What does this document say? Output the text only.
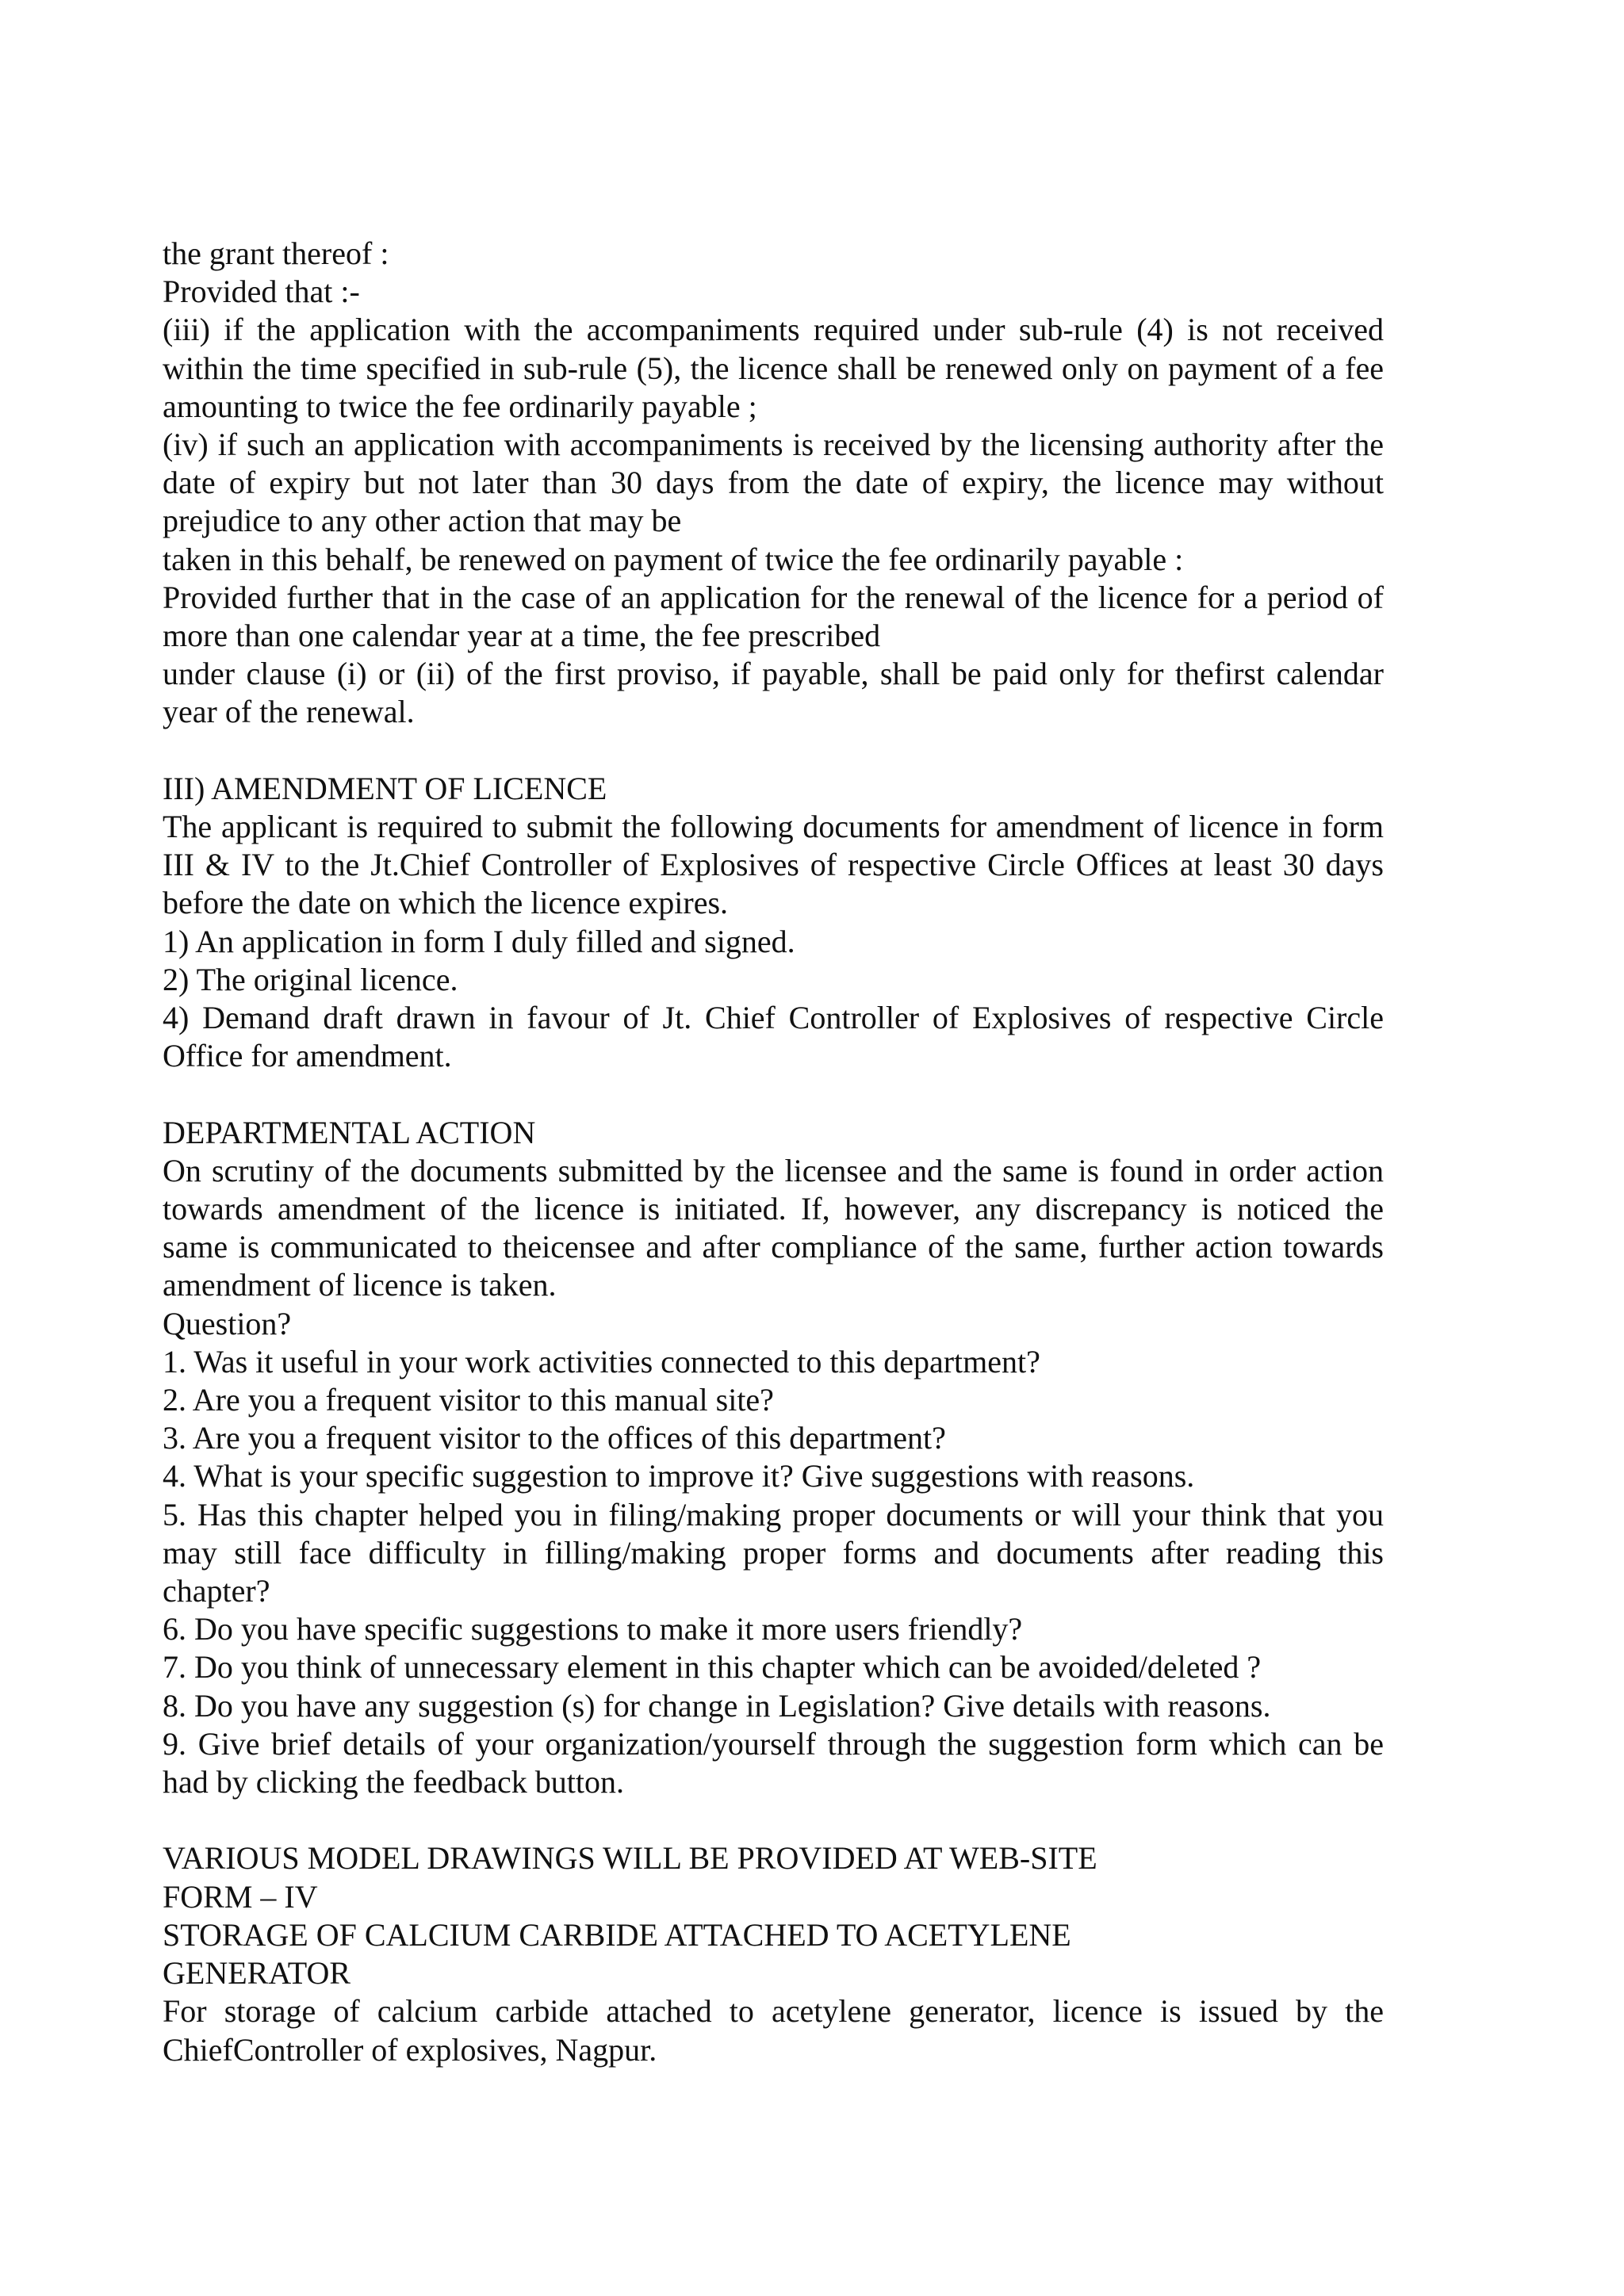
the grant thereof :
Provided that :-
(iii) if the application with the accompaniments required under sub-rule (4) is not received
within the time specified in sub-rule (5), the licence shall be renewed only on payment of a fee
amounting to twice the fee ordinarily payable ;
(iv) if such an application with accompaniments is received by the licensing authority after the
date of expiry but not later than 30 days from the date of expiry, the licence may without
prejudice to any other action that may be
taken in this behalf, be renewed on payment of twice the fee ordinarily payable :
Provided further that in the case of an application for the renewal of the licence for a period of
more than one calendar year at a time, the fee prescribed
under clause (i) or (ii) of the first proviso, if payable, shall be paid only for thefirst calendar
year of the renewal.
III) AMENDMENT OF LICENCE
The applicant is required to submit the following documents for amendment of licence in form
III & IV to the Jt.Chief Controller of Explosives of respective Circle Offices at least 30 days
before the date on which the licence expires.
1) An application in form I duly filled and signed.
2) The original licence.
4) Demand draft drawn in favour of Jt. Chief Controller of Explosives of respective Circle
Office for amendment.
DEPARTMENTAL ACTION
On scrutiny of the documents submitted by the licensee and the same is found in order action
towards amendment of the licence is initiated. If, however, any discrepancy is noticed the
same is communicated to theicensee and after compliance of the same, further action towards
amendment of licence is taken.
Question?
1. Was it useful in your work activities connected to this department?
2. Are you a frequent visitor to this manual site?
3. Are you a frequent visitor to the offices of this department?
4. What is your specific suggestion to improve it? Give suggestions with reasons.
5. Has this chapter helped you in filing/making proper documents or will your think that you
may still face difficulty in filling/making proper forms and documents after reading this
chapter?
6. Do you have specific suggestions to make it more users friendly?
7. Do you think of unnecessary element in this chapter which can be avoided/deleted ?
8. Do you have any suggestion (s) for change in Legislation? Give details with reasons.
9. Give brief details of your organization/yourself through the suggestion form which can be
had by clicking the feedback button.
VARIOUS MODEL DRAWINGS WILL BE PROVIDED AT WEB-SITE
FORM – IV
STORAGE OF CALCIUM CARBIDE ATTACHED TO ACETYLENE
GENERATOR
For storage of calcium carbide attached to acetylene generator, licence is issued by the
ChiefController of explosives, Nagpur.
